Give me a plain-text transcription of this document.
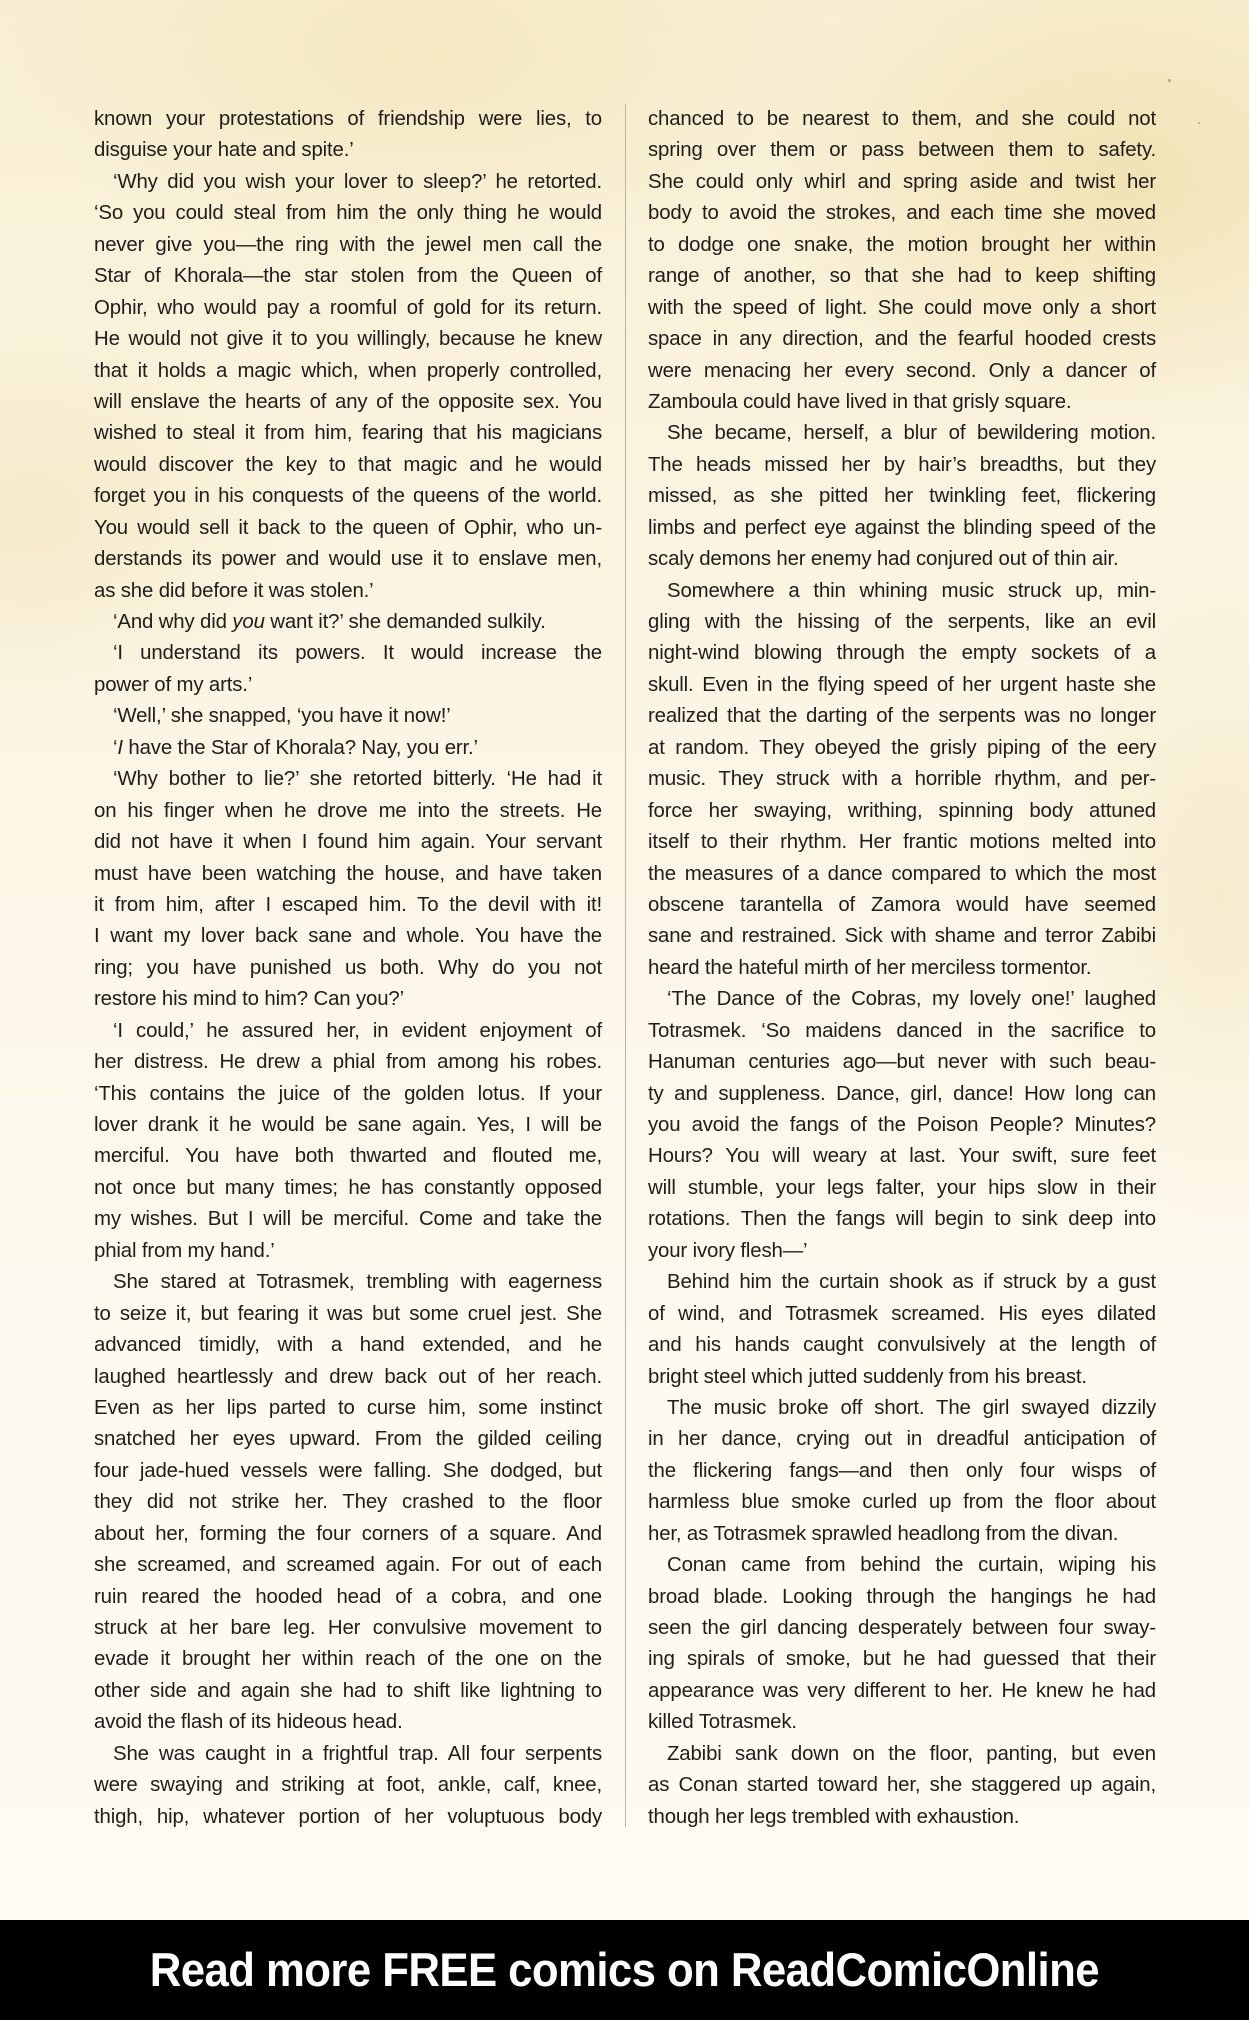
known your protestations of friendship were lies, to
disguise your hate and spite.’
‘Why did you wish your lover to sleep?’ he retorted.
‘So you could steal from him the only thing he would
never give you—the ring with the jewel men call the
Star of Khorala—the star stolen from the Queen of
Ophir, who would pay a roomful of gold for its return.
He would not give it to you willingly, because he knew
that it holds a magic which, when properly controlled,
will enslave the hearts of any of the opposite sex. You
wished to steal it from him, fearing that his magicians
would discover the key to that magic and he would
forget you in his conquests of the queens of the world.
You would sell it back to the queen of Ophir, who un-
derstands its power and would use it to enslave men,
as she did before it was stolen.’
‘And why did you want it?’ she demanded sulkily.
‘I understand its powers. It would increase the
power of my arts.’
‘Well,’ she snapped, ‘you have it now!’
‘I have the Star of Khorala? Nay, you err.’
‘Why bother to lie?’ she retorted bitterly. ‘He had it
on his finger when he drove me into the streets. He
did not have it when I found him again. Your servant
must have been watching the house, and have taken
it from him, after I escaped him. To the devil with it!
I want my lover back sane and whole. You have the
ring; you have punished us both. Why do you not
restore his mind to him? Can you?’
‘I could,’ he assured her, in evident enjoyment of
her distress. He drew a phial from among his robes.
‘This contains the juice of the golden lotus. If your
lover drank it he would be sane again. Yes, I will be
merciful. You have both thwarted and flouted me,
not once but many times; he has constantly opposed
my wishes. But I will be merciful. Come and take the
phial from my hand.’
She stared at Totrasmek, trembling with eagerness
to seize it, but fearing it was but some cruel jest. She
advanced timidly, with a hand extended, and he
laughed heartlessly and drew back out of her reach.
Even as her lips parted to curse him, some instinct
snatched her eyes upward. From the gilded ceiling
four jade-hued vessels were falling. She dodged, but
they did not strike her. They crashed to the floor
about her, forming the four corners of a square. And
she screamed, and screamed again. For out of each
ruin reared the hooded head of a cobra, and one
struck at her bare leg. Her convulsive movement to
evade it brought her within reach of the one on the
other side and again she had to shift like lightning to
avoid the flash of its hideous head.
She was caught in a frightful trap. All four serpents
were swaying and striking at foot, ankle, calf, knee,
thigh, hip, whatever portion of her voluptuous body
chanced to be nearest to them, and she could not
spring over them or pass between them to safety.
She could only whirl and spring aside and twist her
body to avoid the strokes, and each time she moved
to dodge one snake, the motion brought her within
range of another, so that she had to keep shifting
with the speed of light. She could move only a short
space in any direction, and the fearful hooded crests
were menacing her every second. Only a dancer of
Zamboula could have lived in that grisly square.
She became, herself, a blur of bewildering motion.
The heads missed her by hair’s breadths, but they
missed, as she pitted her twinkling feet, flickering
limbs and perfect eye against the blinding speed of the
scaly demons her enemy had conjured out of thin air.
Somewhere a thin whining music struck up, min-
gling with the hissing of the serpents, like an evil
night-wind blowing through the empty sockets of a
skull. Even in the flying speed of her urgent haste she
realized that the darting of the serpents was no longer
at random. They obeyed the grisly piping of the eery
music. They struck with a horrible rhythm, and per-
force her swaying, writhing, spinning body attuned
itself to their rhythm. Her frantic motions melted into
the measures of a dance compared to which the most
obscene tarantella of Zamora would have seemed
sane and restrained. Sick with shame and terror Zabibi
heard the hateful mirth of her merciless tormentor.
‘The Dance of the Cobras, my lovely one!’ laughed
Totrasmek. ‘So maidens danced in the sacrifice to
Hanuman centuries ago—but never with such beau-
ty and suppleness. Dance, girl, dance! How long can
you avoid the fangs of the Poison People? Minutes?
Hours? You will weary at last. Your swift, sure feet
will stumble, your legs falter, your hips slow in their
rotations. Then the fangs will begin to sink deep into
your ivory flesh—’
Behind him the curtain shook as if struck by a gust
of wind, and Totrasmek screamed. His eyes dilated
and his hands caught convulsively at the length of
bright steel which jutted suddenly from his breast.
The music broke off short. The girl swayed dizzily
in her dance, crying out in dreadful anticipation of
the flickering fangs—and then only four wisps of
harmless blue smoke curled up from the floor about
her, as Totrasmek sprawled headlong from the divan.
Conan came from behind the curtain, wiping his
broad blade. Looking through the hangings he had
seen the girl dancing desperately between four sway-
ing spirals of smoke, but he had guessed that their
appearance was very different to her. He knew he had
killed Totrasmek.
Zabibi sank down on the floor, panting, but even
as Conan started toward her, she staggered up again,
though her legs trembled with exhaustion.
Read more FREE comics on ReadComicOnline
